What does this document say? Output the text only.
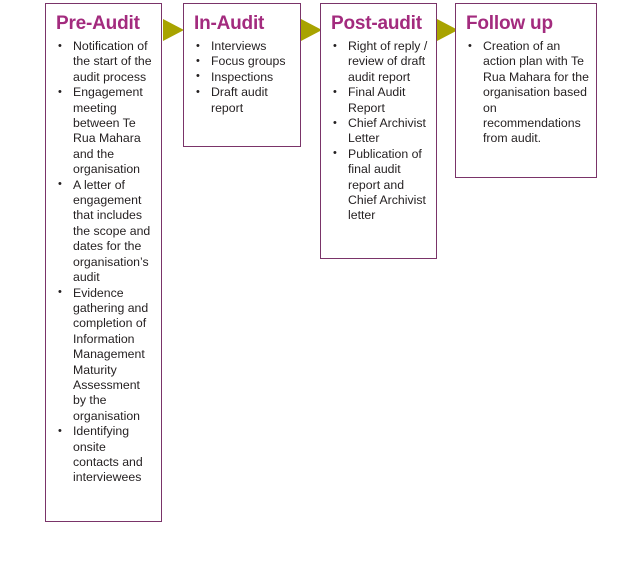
Pre-Audit
• Notification of the start of the audit process
• Engagement meeting between Te Rua Mahara and the organisation
• A letter of engagement that includes the scope and dates for the organisation’s audit
• Evidence gathering and completion of Information Management Maturity Assessment by the organisation
• Identifying onsite contacts and interviewees
In-Audit
• Interviews
• Focus groups
• Inspections
• Draft audit report
Post-audit
• Right of reply / review of draft audit report
• Final Audit Report
• Chief Archivist Letter
• Publication of final audit report and Chief Archivist letter
Follow up
• Creation of an action plan with Te Rua Mahara for the organisation based on recommendations from audit.
